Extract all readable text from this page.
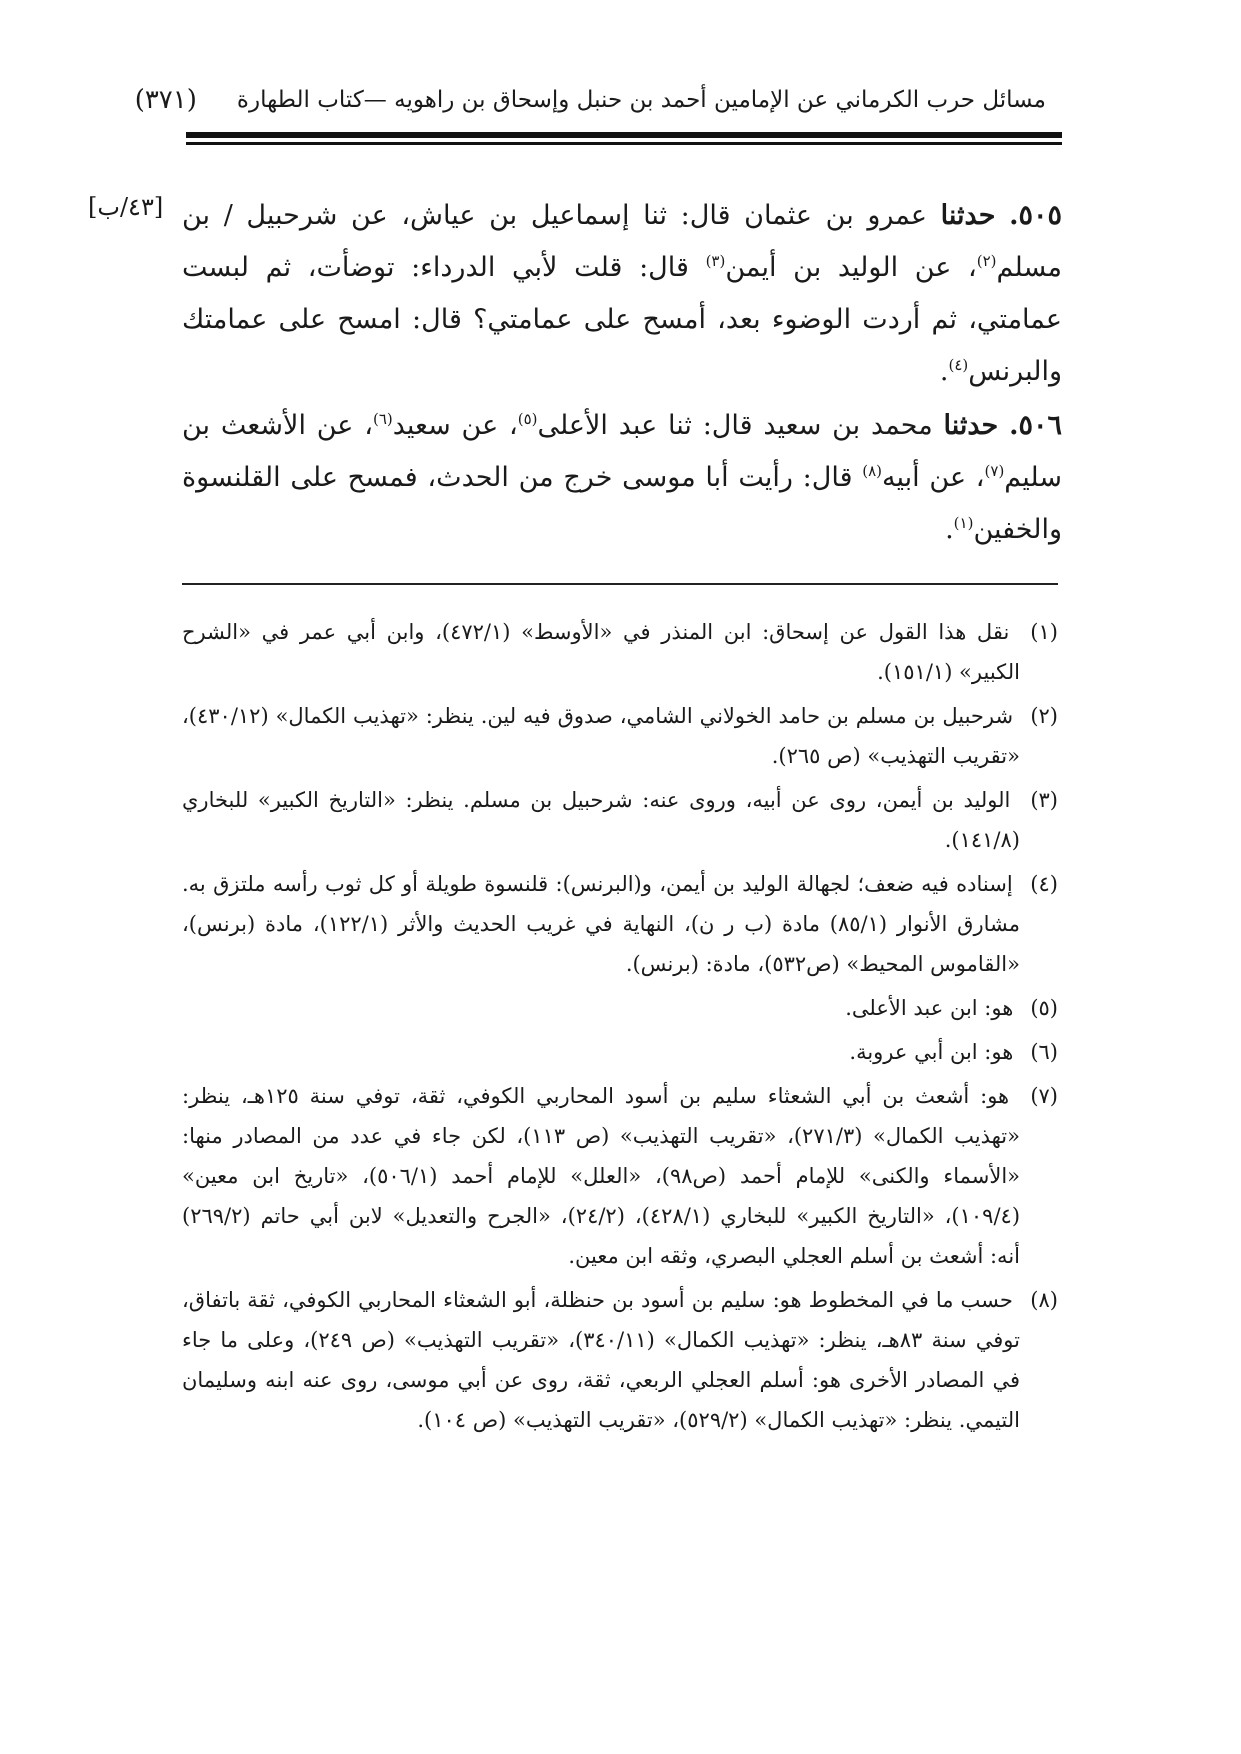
مسائل حرب الكرماني عن الإمامين أحمد بن حنبل وإسحاق بن راهويه —كتاب الطهارة
(٣٧١)
[٤٣/ب]	٥٠٥. حدثنا عمرو بن عثمان قال: ثنا إسماعيل بن عياش، عن شرحبيل / بن مسلم$^{(٢)}$، عن الوليد بن أيمن$^{(٣)}$ قال: قلت لأبي الدرداء: توضأت، ثم لبست عمامتي، ثم أردت الوضوء بعد، أمسح على عمامتي؟ قال: امسح على عمامتك والبرنس$^{(٤)}$.

٥٠٦. حدثنا محمد بن سعيد قال: ثنا عبد الأعلى$^{(٥)}$، عن سعيد$^{(٦)}$، عن الأشعث بن سليم$^{(٧)}$، عن أبيه$^{(٨)}$ قال: رأيت أبا موسى خرج من الحدث، فمسح على القلنسوة والخفين$^{(١)}$.

(١) نقل هذا القول عن إسحاق: ابن المنذر في «الأوسط» (٤٧٢/١)، وابن أبي عمر في «الشرح الكبير» (١٥١/١).

(٢) شرحبيل بن مسلم بن حامد الخولاني الشامي، صدوق فيه لين. ينظر: «تهذيب الكمال» (٤٣٠/١٢)، «تقريب التهذيب» (ص ٢٦٥).

(٣) الوليد بن أيمن، روى عن أبيه، وروى عنه: شرحبيل بن مسلم. ينظر: «التاريخ الكبير» للبخاري (١٤١/٨).

(٤) إسناده فيه ضعف؛ لجهالة الوليد بن أيمن، و(البرنس): قلنسوة طويلة أو كل ثوب رأسه ملتزق به. مشارق الأنوار (٨٥/١) مادة (ب ر ن)، النهاية في غريب الحديث والأثر (١٢٢/١)، مادة (برنس)، «القاموس المحيط» (ص٥٣٢)، مادة: (برنس).

(٥) هو: ابن عبد الأعلى.

(٦) هو: ابن أبي عروبة.

(٧) هو: أشعث بن أبي الشعثاء سليم بن أسود المحاربي الكوفي، ثقة، توفي سنة ١٢٥هـ، ينظر: «تهذيب الكمال» (٢٧١/٣)، «تقريب التهذيب» (ص ١١٣)، لكن جاء في عدد من المصادر منها: «الأسماء والكنى» للإمام أحمد (ص٩٨)، «العلل» للإمام أحمد (٥٠٦/١)، «تاريخ ابن معين» (١٠٩/٤)، «التاريخ الكبير» للبخاري (٤٢٨/١)، (٢٤/٢)، «الجرح والتعديل» لابن أبي حاتم (٢٦٩/٢) أنه: أشعث بن أسلم العجلي البصري، وثقه ابن معين.

(٨) حسب ما في المخطوط هو: سليم بن أسود بن حنظلة، أبو الشعثاء المحاربي الكوفي، ثقة باتفاق، توفي سنة ٨٣هـ، ينظر: «تهذيب الكمال» (٣٤٠/١١)، «تقريب التهذيب» (ص ٢٤٩)، وعلى ما جاء في المصادر الأخرى هو: أسلم العجلي الربعي، ثقة، روى عن أبي موسى، روى عنه ابنه وسليمان التيمي. ينظر: «تهذيب الكمال» (٥٢٩/٢)، «تقريب التهذيب» (ص ١٠٤).
